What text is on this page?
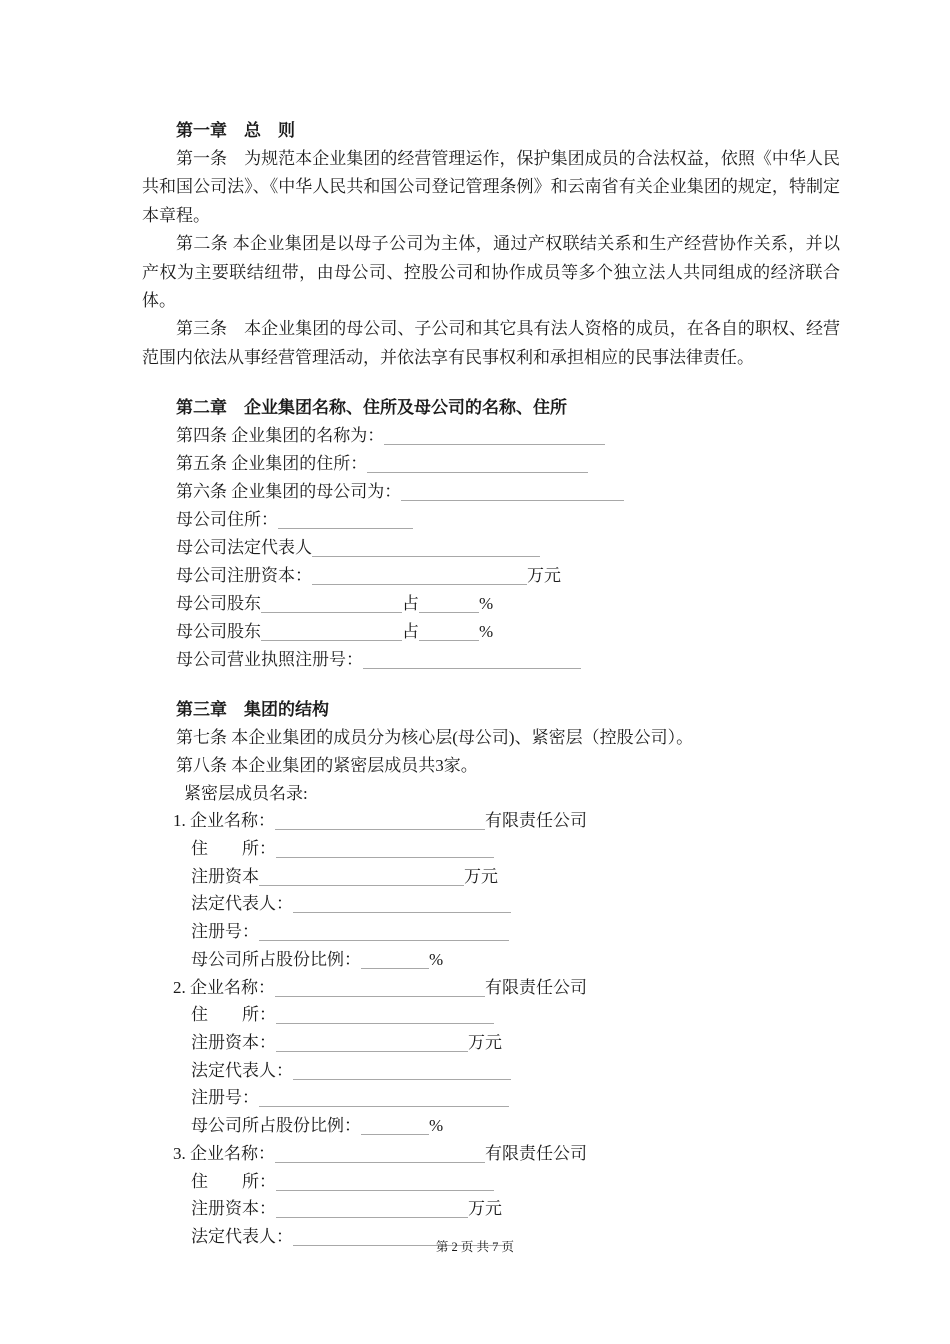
第一章　总　则
第一条　为规范本企业集团的经营管理运作，保护集团成员的合法权益，依照《中华人民共和国公司法》、《中华人民共和国公司登记管理条例》和云南省有关企业集团的规定，特制定本章程。
第二条 本企业集团是以母子公司为主体，通过产权联结关系和生产经营协作关系，并以产权为主要联结纽带，由母公司、控股公司和协作成员等多个独立法人共同组成的经济联合体。
第三条　本企业集团的母公司、子公司和其它具有法人资格的成员，在各自的职权、经营范围内依法从事经营管理活动，并依法享有民事权利和承担相应的民事法律责任。
第二章　企业集团名称、住所及母公司的名称、住所
第四条 企业集团的名称为：
第五条 企业集团的住所：
第六条 企业集团的母公司为：
母公司住所：
母公司法定代表人
母公司注册资本：	万元
母公司股东	占	%
母公司股东	占	%
母公司营业执照注册号：
第三章　集团的结构
第七条 本企业集团的成员分为核心层(母公司)、紧密层（控股公司）。
第八条 本企业集团的紧密层成员共3家。
紧密层成员名录:
1. 企业名称：	有限责任公司
住　　所：
注册资本	万元
法定代表人：
注册号：
母公司所占股份比例：	%
2. 企业名称：	有限责任公司
住　　所：
注册资本：	万元
法定代表人：
注册号：
母公司所占股份比例：	%
3. 企业名称：	有限责任公司
住　　所：
注册资本：	万元
法定代表人：
第 2 页 共 7 页
